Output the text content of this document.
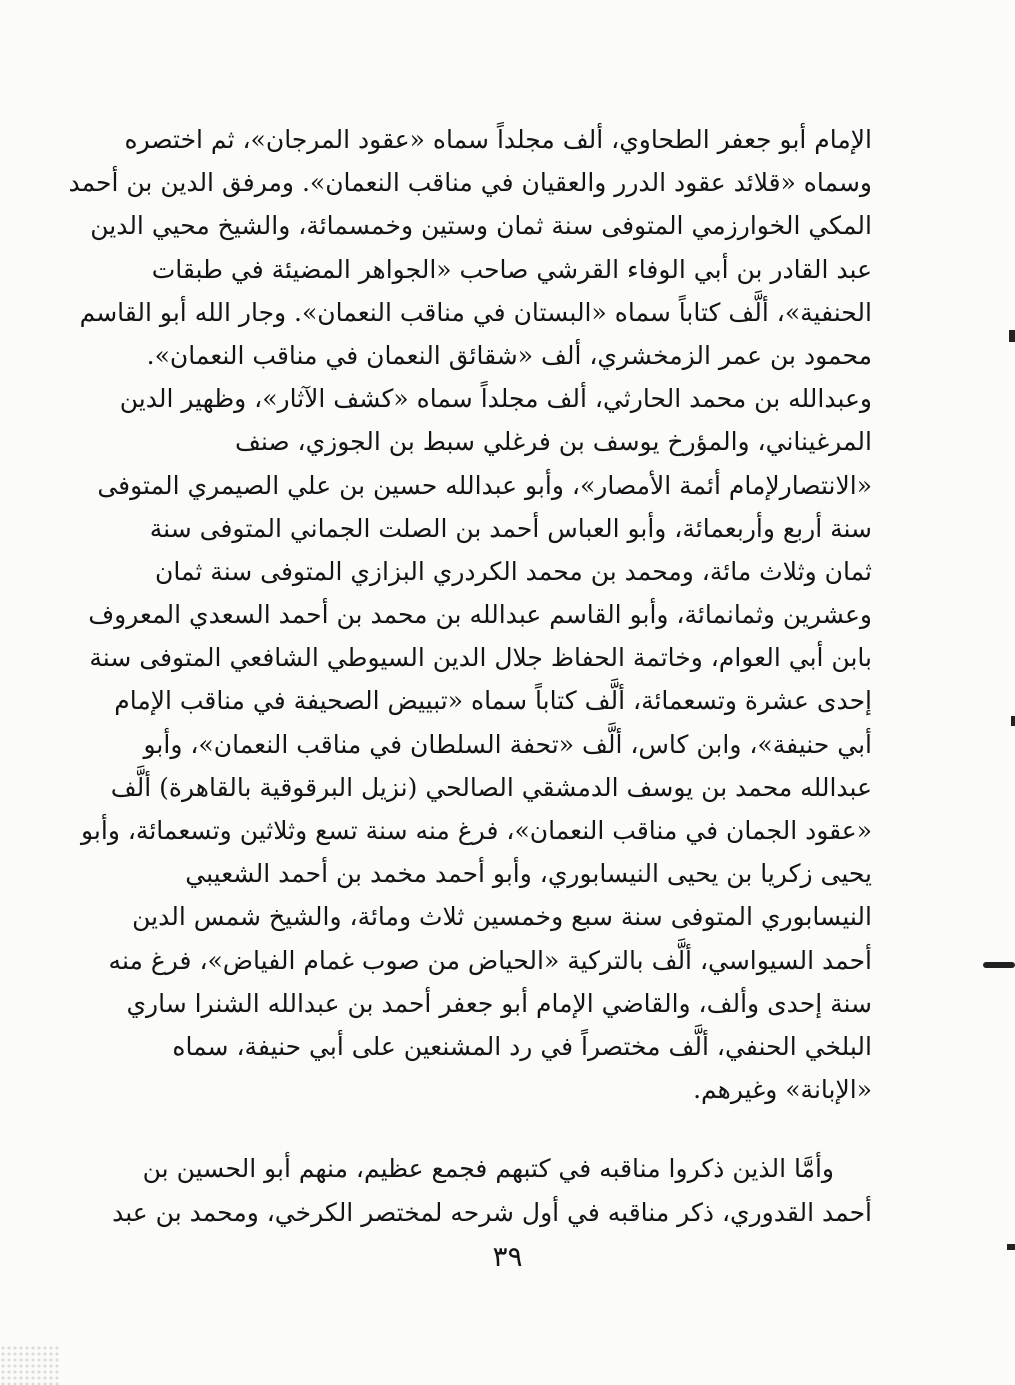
الإمام أبو جعفر الطحاوي، ألف مجلداً سماه «عقود المرجان»، ثم اختصره
وسماه «قلائد عقود الدرر والعقيان في مناقب النعمان». ومرفق الدين بن أحمد
المكي الخوارزمي المتوفى سنة ثمان وستين وخمسمائة، والشيخ محيي الدين
عبد القادر بن أبي الوفاء القرشي صاحب «الجواهر المضيئة في طبقات
الحنفية»، ألَّف كتاباً سماه «البستان في مناقب النعمان». وجار الله أبو القاسم
محمود بن عمر الزمخشري، ألف «شقائق النعمان في مناقب النعمان».
وعبدالله بن محمد الحارثي، ألف مجلداً سماه «كشف الآثار»، وظهير الدين
المرغيناني، والمؤرخ يوسف بن فرغلي سبط بن الجوزي، صنف
«الانتصارلإمام أئمة الأمصار»، وأبو عبدالله حسين بن علي الصيمري المتوفى
سنة أربع وأربعمائة، وأبو العباس أحمد بن الصلت الجماني المتوفى سنة
ثمان وثلاث مائة، ومحمد بن محمد الكردري البزازي المتوفى سنة ثمان
وعشرين وثمانمائة، وأبو القاسم عبدالله بن محمد بن أحمد السعدي المعروف
بابن أبي العوام، وخاتمة الحفاظ جلال الدين السيوطي الشافعي المتوفى سنة
إحدى عشرة وتسعمائة، ألَّف كتاباً سماه «تبييض الصحيفة في مناقب الإمام
أبي حنيفة»، وابن كاس، ألَّف «تحفة السلطان في مناقب النعمان»، وأبو
عبدالله محمد بن يوسف الدمشقي الصالحي (نزيل البرقوقية بالقاهرة) ألَّف
«عقود الجمان في مناقب النعمان»، فرغ منه سنة تسع وثلاثين وتسعمائة، وأبو
يحيى زكريا بن يحيى النيسابوري، وأبو أحمد مخمد بن أحمد الشعيبي
النيسابوري المتوفى سنة سبع وخمسين ثلاث ومائة، والشيخ شمس الدين
أحمد السيواسي، ألَّف بالتركية «الحياض من صوب غمام الفياض»، فرغ منه
سنة إحدى وألف، والقاضي الإمام أبو جعفر أحمد بن عبدالله الشنرا ساري
البلخي الحنفي، ألَّف مختصراً في رد المشنعين على أبي حنيفة، سماه
«الإبانة» وغيرهم.
وأمَّا الذين ذكروا مناقبه في كتبهم فجمع عظيم، منهم أبو الحسين بن
أحمد القدوري، ذكر مناقبه في أول شرحه لمختصر الكرخي، ومحمد بن عبد
٣٩
